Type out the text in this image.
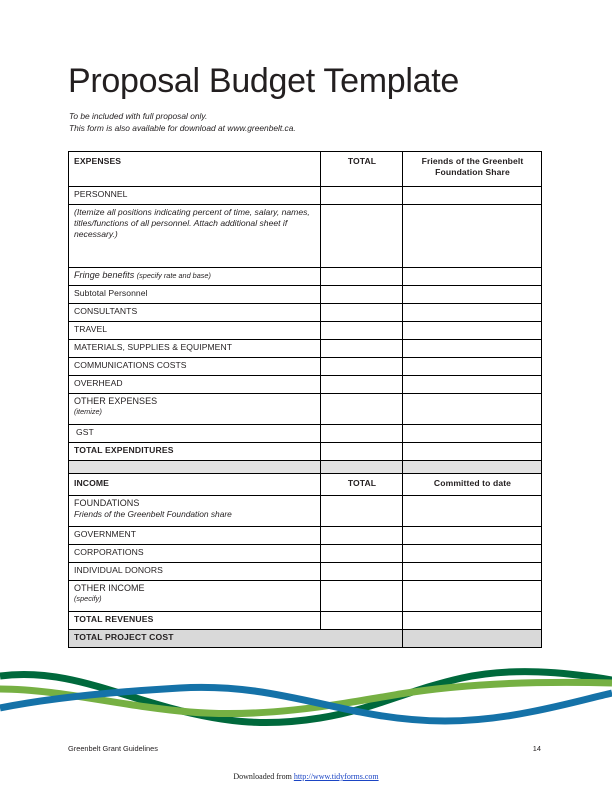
Proposal Budget Template
To be included with full proposal only.
This form is also available for download at www.greenbelt.ca.
EXPENSES	TOTAL	Friends of the Greenbelt Foundation Share
PERSONNEL		
(Itemize all positions indicating percent of time, salary, names, titles/functions of all personnel. Attach additional sheet if necessary.)		
Fringe benefits (specify rate and base)		
Subtotal Personnel		
CONSULTANTS		
TRAVEL		
MATERIALS, SUPPLIES & EQUIPMENT		
COMMUNICATIONS COSTS		
OVERHEAD		

OTHER EXPENSES
(itemize)		

GST		
TOTAL EXPENDITURES		

INCOME	TOTAL	Committed to date

FOUNDATIONS
Friends of the Greenbelt Foundation share		

GOVERNMENT		
CORPORATIONS		
INDIVIDUAL DONORS		

OTHER INCOME
(specify)		

TOTAL REVENUES		
TOTAL PROJECT COST		
Greenbelt Grant Guidelines	14
Downloaded from http://www.tidyforms.com
